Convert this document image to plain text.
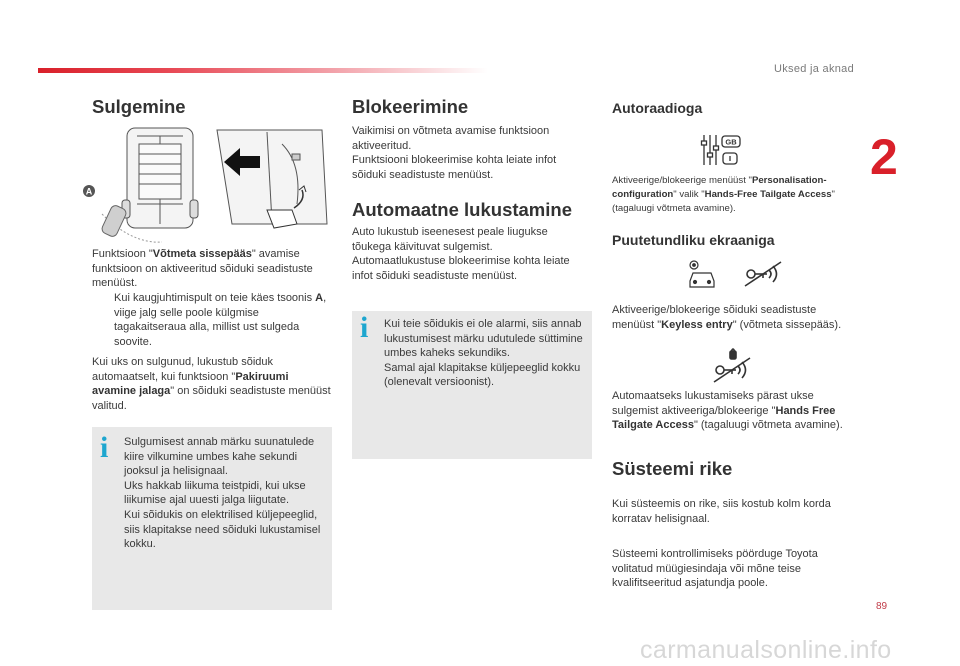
Uksed ja aknad
2
89
carmanualsonline.info
Sulgemine
A
Funktsioon "Võtmeta sissepääs" avamise funktsioon on aktiveeritud sõiduki seadistuste menüüst.
Kui kaugjuhtimispult on teie käes tsoonis A, viige jalg selle poole külgmise tagakaitseraua alla, millist ust sulgeda soovite.
Kui uks on sulgunud, lukustub sõiduk automaatselt, kui funktsioon "Pakiruumi avamine jalaga" on sõiduki seadistuste menüüst valitud.
i Sulgumisest annab märku suunatulede kiire vilkumine umbes kahe sekundi jooksul ja helisignaal.
Uks hakkab liikuma teistpidi, kui ukse liikumise ajal uuesti jalga liigutate.
Kui sõidukis on elektrilised küljepeeglid, siis klapitakse need sõiduki lukustamisel kokku.

Blokeerimine

Vaikimisi on võtmeta avamise funktsioon aktiveeritud.
Funktsiooni blokeerimise kohta leiate infot sõiduki seadistuste menüüst.

Automaatne lukustamine

Auto lukustub iseenesest peale liugukse tõukega käivituvat sulgemist.
Automaatlukustuse blokeerimise kohta leiate infot sõiduki seadistuste menüüst.

i Kui teie sõidukis ei ole alarmi, siis annab lukustumisest märku udutulede süttimine umbes kaheks sekundiks.
Samal ajal klapitakse küljepeeglid kokku (olenevalt versioonist).

Autoraadioga
GB
Aktiveerige/blokeerige menüüst "Personalisation-configuration" valik "Hands-Free Tailgate Access" (tagaluugi võtmeta avamine).
Puutetundliku ekraaniga
Aktiveerige/blokeerige sõiduki seadistuste menüüst "Keyless entry" (võtmeta sissepääs).
Automaatseks lukustamiseks pärast ukse sulgemist aktiveeriga/blokeerige "Hands Free Tailgate Access" (tagaluugi võtmeta avamine).
Süsteemi rike

Kui süsteemis on rike, siis kostub kolm korda korratav helisignaal.

Süsteemi kontrollimiseks pöörduge Toyota volitatud müügiesindaja või mõne teise kvalifitseeritud asjatundja poole.
